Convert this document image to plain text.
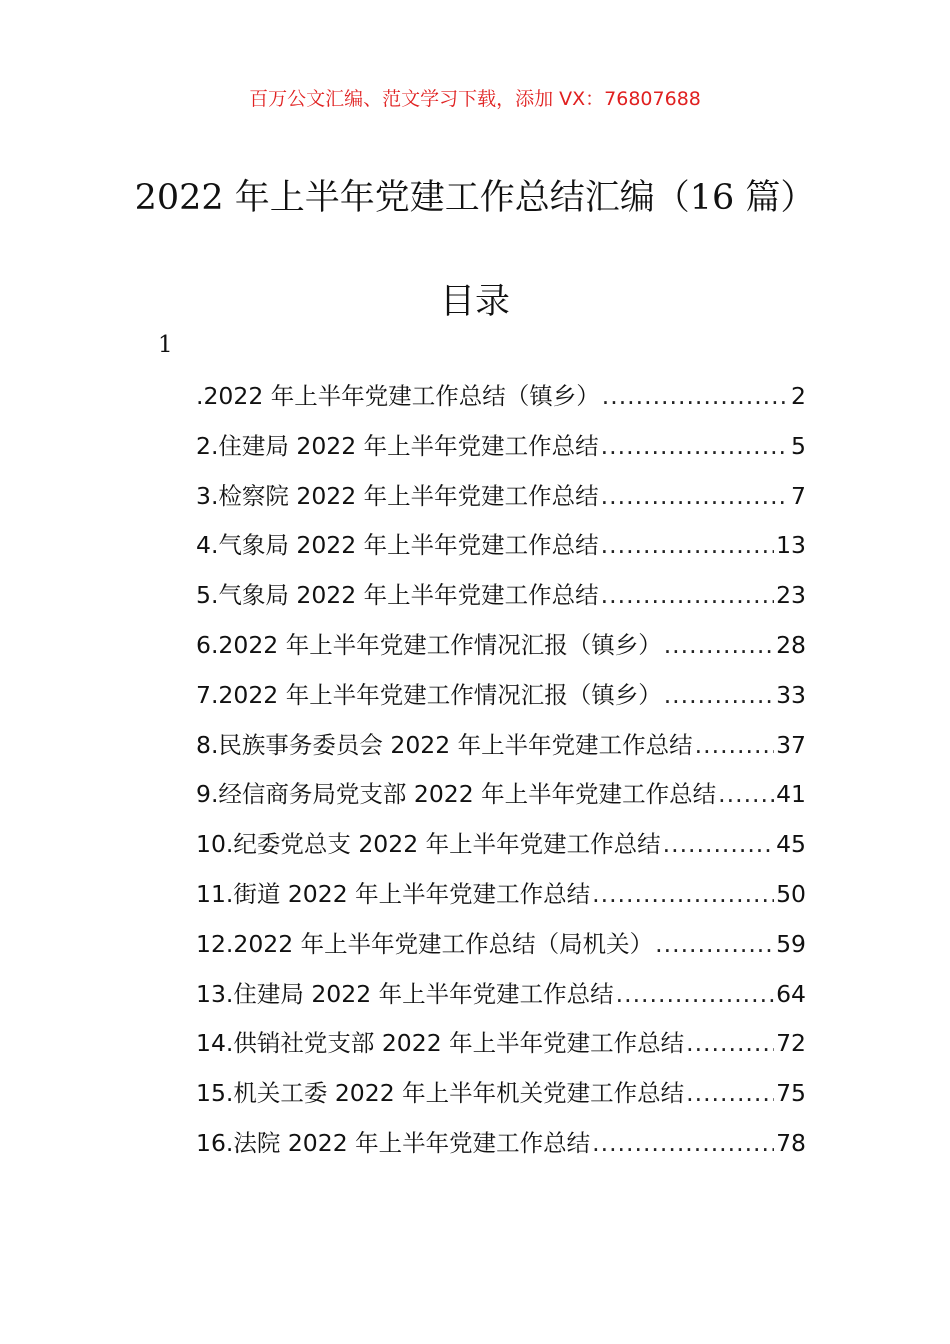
百万公文汇编、范文学习下载，添加 VX：76807688
2022 年上半年党建工作总结汇编（16 篇）
目录
1
.2022 年上半年党建工作总结（镇乡） .....	2
2.住建局 2022 年上半年党建工作总结 .....	5
3.检察院 2022 年上半年党建工作总结 .....	7
4.气象局 2022 年上半年党建工作总结 .....	13
5.气象局 2022 年上半年党建工作总结 .....	23
6.2022 年上半年党建工作情况汇报（镇乡） .....	28
7.2022 年上半年党建工作情况汇报（镇乡） .....	33
8.民族事务委员会 2022 年上半年党建工作总结 .....	37
9.经信商务局党支部 2022 年上半年党建工作总结 .....	41
10.纪委党总支 2022 年上半年党建工作总结 .....	45
11.街道 2022 年上半年党建工作总结 .....	50
12.2022 年上半年党建工作总结（局机关） .....	59
13.住建局 2022 年上半年党建工作总结 .....	64
14.供销社党支部 2022 年上半年党建工作总结 .....	72
15.机关工委 2022 年上半年机关党建工作总结 .....	75
16.法院 2022 年上半年党建工作总结 .....	78
